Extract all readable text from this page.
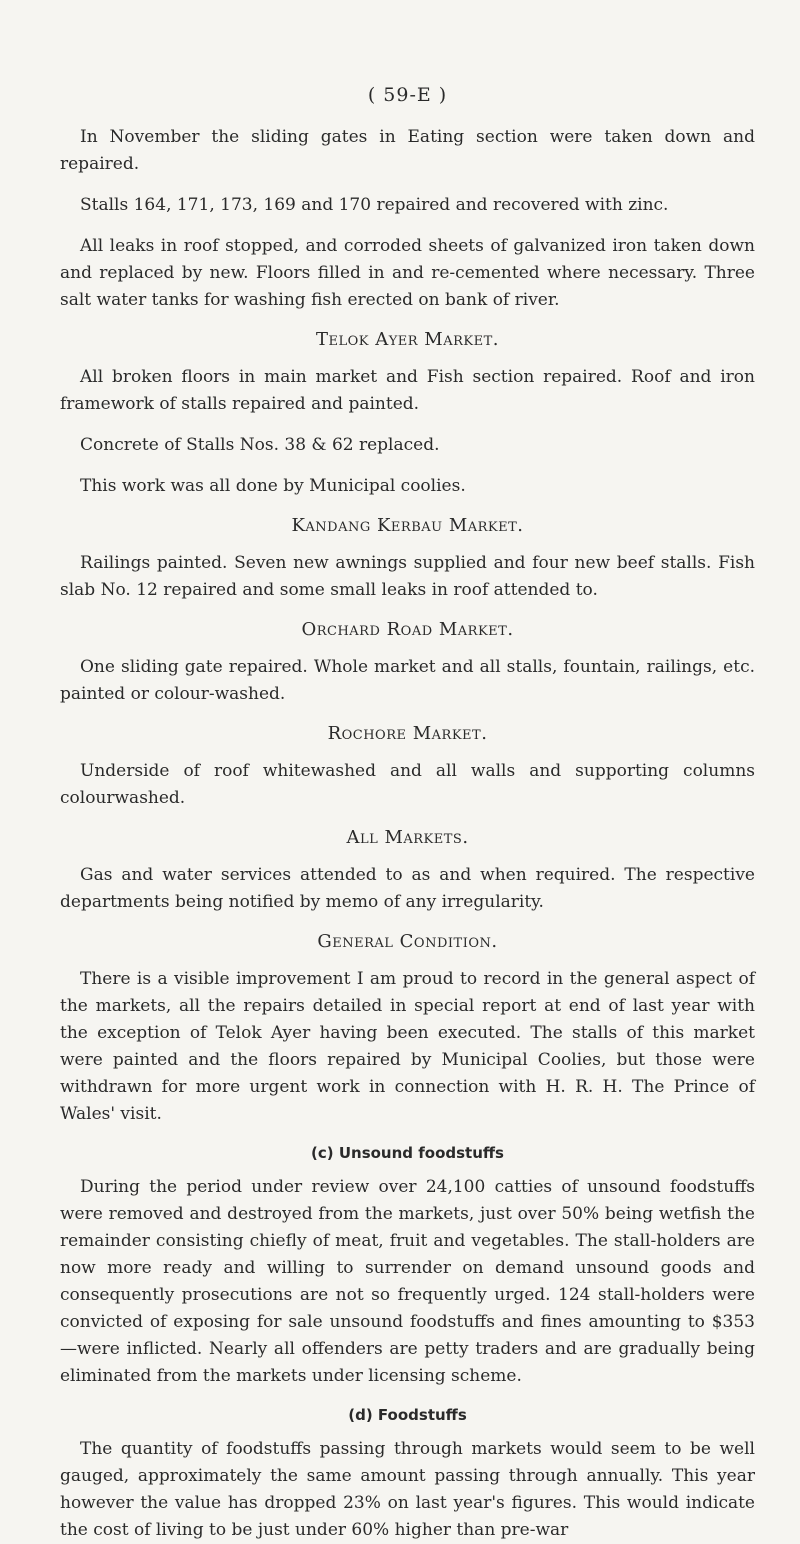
( 59-E )

In November the sliding gates in Eating section were taken down and repaired.

Stalls 164, 171, 173, 169 and 170 repaired and recovered with zinc.

All leaks in roof stopped, and corroded sheets of galvanized iron taken down and replaced by new. Floors filled in and re-cemented where necessary. Three salt water tanks for washing fish erected on bank of river.

Telok Ayer Market.

All broken floors in main market and Fish section repaired. Roof and iron framework of stalls repaired and painted.

Concrete of Stalls Nos. 38 & 62 replaced.

This work was all done by Municipal coolies.

Kandang Kerbau Market.

Railings painted. Seven new awnings supplied and four new beef stalls. Fish slab No. 12 repaired and some small leaks in roof attended to.

Orchard Road Market.

One sliding gate repaired. Whole market and all stalls, fountain, railings, etc. painted or colour-washed.

Rochore Market.

Underside of roof whitewashed and all walls and supporting columns colourwashed.

All Markets.

Gas and water services attended to as and when required. The respective departments being notified by memo of any irregularity.

General Condition.

There is a visible improvement I am proud to record in the general aspect of the markets, all the repairs detailed in special report at end of last year with the exception of Telok Ayer having been executed. The stalls of this market were painted and the floors repaired by Municipal Coolies, but those were withdrawn for more urgent work in connection with H. R. H. The Prince of Wales' visit.

(c) Unsound foodstuffs

During the period under review over 24,100 catties of unsound foodstuffs were removed and destroyed from the markets, just over 50% being wetfish the remainder consisting chiefly of meat, fruit and vegetables. The stall-holders are now more ready and willing to surrender on demand unsound goods and consequently prosecutions are not so frequently urged. 124 stall-holders were convicted of exposing for sale unsound foodstuffs and fines amounting to $353—were inflicted. Nearly all offenders are petty traders and are gradually being eliminated from the markets under licensing scheme.

(d) Foodstuffs

The quantity of foodstuffs passing through markets would seem to be well gauged, approximately the same amount passing through annually. This year however the value has dropped 23% on last year's figures. This would indicate the cost of living to be just under 60% higher than pre-war
